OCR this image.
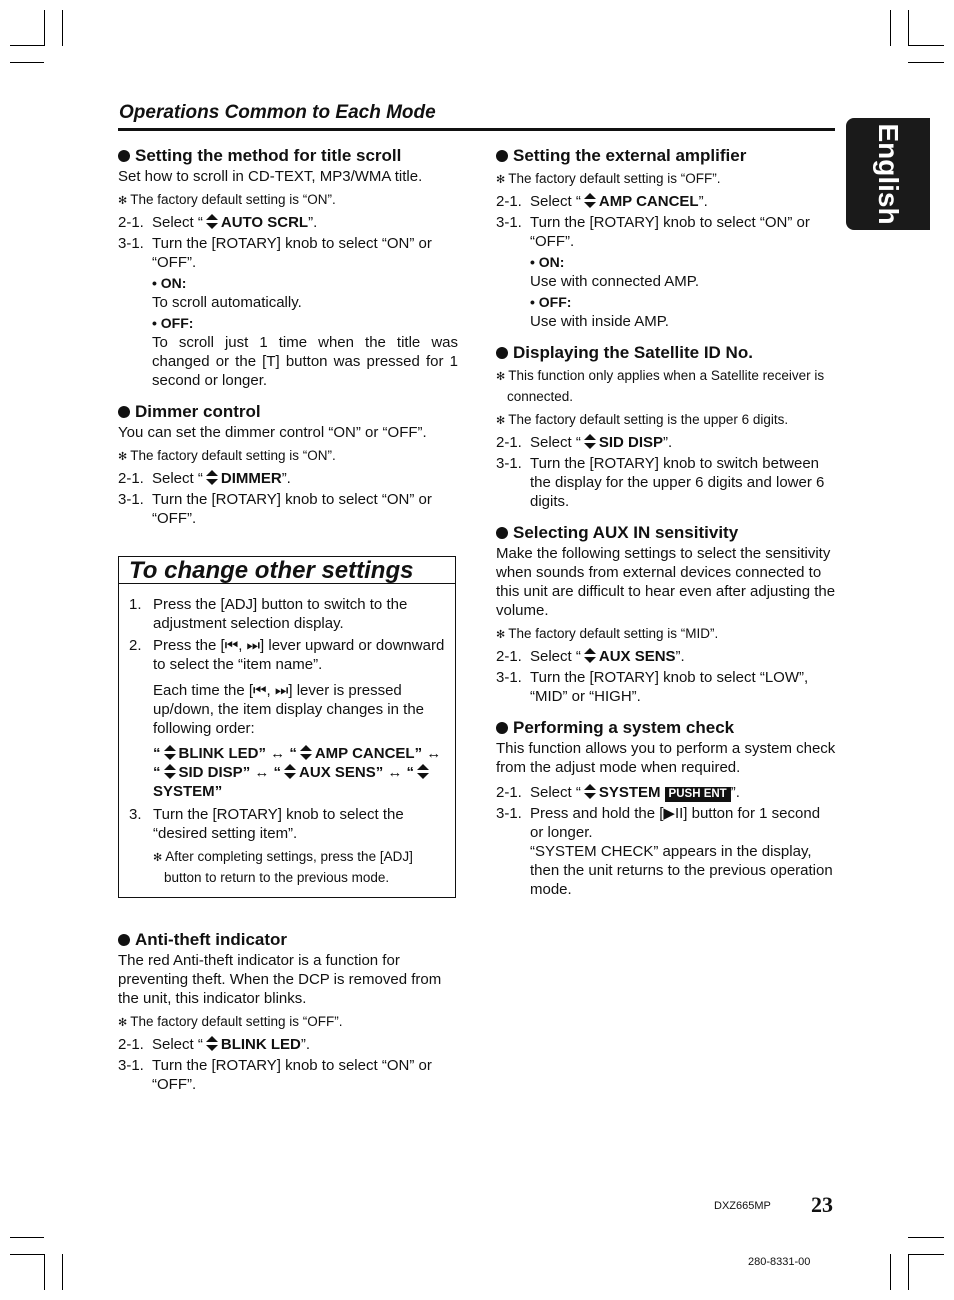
Operations Common to Each Mode
English
Setting the method for title scroll

Set how to scroll in CD-TEXT, MP3/WMA title.

✻ The factory default setting is “ON”.
2-1. Select “ AUTO SCRL”.
3-1. Turn the [ROTARY] knob to select “ON” or “OFF”.
• ON:
To scroll automatically.
• OFF:
To scroll just 1 time when the title was changed or the [T] button was pressed for 1 second or longer.
Dimmer control

You can set the dimmer control “ON” or “OFF”.

✻ The factory default setting is “ON”.
2-1. Select “ DIMMER”.
3-1. Turn the [ROTARY] knob to select “ON” or “OFF”.
To change other settings
1. Press the [ADJ] button to switch to the adjustment selection display.
2. Press the [⏮, ⏭] lever upward or downward to select the “item name”.
Each time the [⏮, ⏭] lever is pressed up/down, the item display changes in the following order:
“ BLINK LED” ↔ “ AMP CANCEL” ↔ “ SID DISP” ↔ “ AUX SENS” ↔ “SYSTEM”
3. Turn the [ROTARY] knob to select the “desired setting item”.
✻ After completing settings, press the [ADJ] button to return to the previous mode.
Anti-theft indicator

The red Anti-theft indicator is a function for preventing theft. When the DCP is removed from the unit, this indicator blinks.

✻ The factory default setting is “OFF”.
2-1. Select “ BLINK LED”.
3-1. Turn the [ROTARY] knob to select “ON” or “OFF”.
Setting the external amplifier
✻ The factory default setting is “OFF”.
2-1. Select “ AMP CANCEL”.
3-1. Turn the [ROTARY] knob to select “ON” or “OFF”.
• ON:
Use with connected AMP.
• OFF:
Use with inside AMP.
Displaying the Satellite ID No.
✻ This function only applies when a Satellite receiver is connected.
✻ The factory default setting is the upper 6 digits.
2-1. Select “ SID DISP”.
3-1. Turn the [ROTARY] knob to switch between the display for the upper 6 digits and lower 6 digits.
Selecting AUX IN sensitivity

Make the following settings to select the sensitivity when sounds from external devices connected to this unit are difficult to hear even after adjusting the volume.

✻ The factory default setting is “MID”.
2-1. Select “ AUX SENS”.
3-1. Turn the [ROTARY] knob to select “LOW”, “MID” or “HIGH”.
Performing a system check

This function allows you to perform a system check from the adjust mode when required.

2-1. Select “ SYSTEM PUSH ENT ”.
3-1. Press and hold the [▶II] button for 1 second or longer.
“SYSTEM CHECK” appears in the display, then the unit returns to the previous operation mode.
DXZ665MP 23
280-8331-00
